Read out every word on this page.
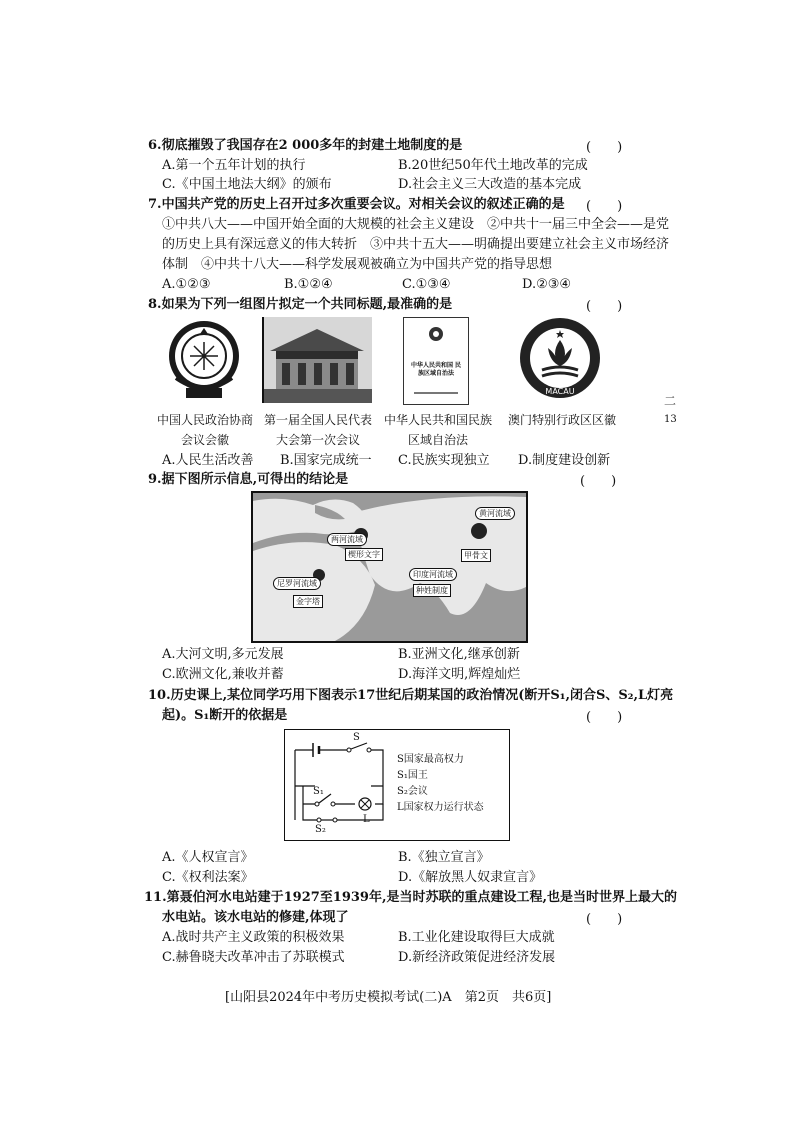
6.彻底摧毁了我国存在2 000多年的封建土地制度的是	(　　)
A.第一个五年计划的执行	B.20世纪50年代土地改革的完成
C.《中国土地法大纲》的颁布	D.社会主义三大改造的基本完成
7.中国共产党的历史上召开过多次重要会议。对相关会议的叙述正确的是 (　　)
①中共八大——中国开始全面的大规模的社会主义建设　②中共十一届三中全会——是党
的历史上具有深远意义的伟大转折　③中共十五大——明确提出要建立社会主义市场经济
体制　④中共十八大——科学发展观被确立为中国共产党的指导思想
A.①②③	B.①②④	C.①③④	D.②③④
8.如果为下列一组图片拟定一个共同标题,最准确的是	(　　)
中华人民共和国 民族区域自治法
MACAU
中国人民政治协商
会议会徽
第一届全国人民代表
大会第一次会议
中华人民共和国民族
区域自治法
澳门特别行政区区徽
A.人民生活改善 B.国家完成统一 C.民族实现独立 D.制度建设创新
9.据下图所示信息,可得出的结论是	(　　)
两河流域
楔形文字
尼罗河流域
金字塔
印度河流域
种姓制度
黄河流域
甲骨文
A.大河文明,多元发展	B.亚洲文化,继承创新
C.欧洲文化,兼收并蓄	D.海洋文明,辉煌灿烂
10.历史课上,某位同学巧用下图表示17世纪后期某国的政治情况(断开S₁,闭合S、S₂,L灯亮
起)。S₁断开的依据是	(　　)
S
S₁
S₂
L
S国家最高权力
S₁国王
S₂会议
L国家权力运行状态
A.《人权宣言》	B.《独立宣言》
C.《权利法案》	D.《解放黑人奴隶宣言》
11.第聂伯河水电站建于1927至1939年,是当时苏联的重点建设工程,也是当时世界上最大的
水电站。该水电站的修建,体现了	(　　)
A.战时共产主义政策的积极效果	B.工业化建设取得巨大成就
C.赫鲁晓夫改革冲击了苏联模式	D.新经济政策促进经济发展
二
13
[山阳县2024年中考历史模拟考试(二)A　第2页　共6页]
